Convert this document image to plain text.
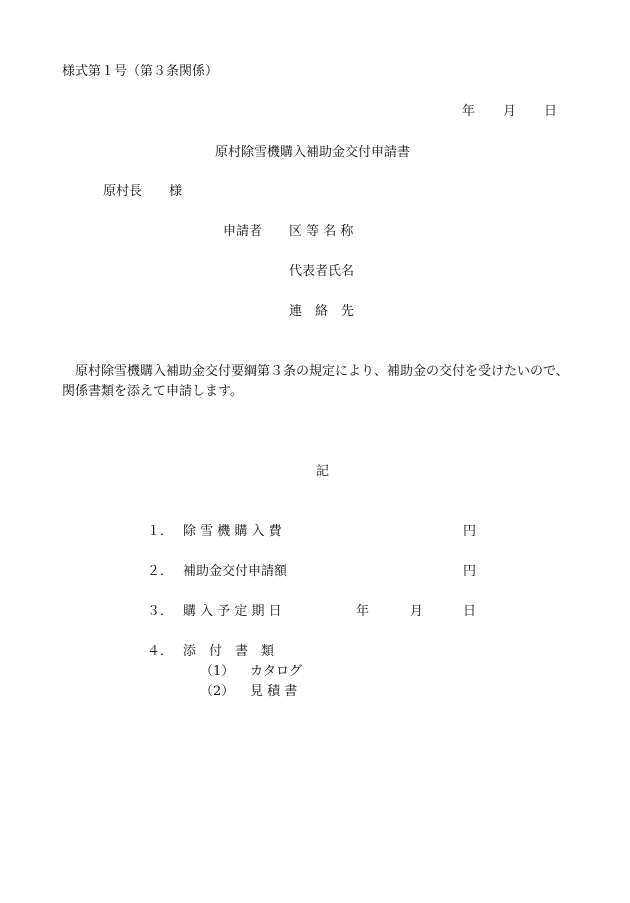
様式第１号（第３条関係）
年 月 日
原村除雪機購入補助金交付申請書
原村長 様
申請者 区 等 名 称
代表者氏名
連　絡　先
　原村除雪機購入補助金交付要綱第３条の規定により、補助金の交付を受けたいので、
関係書類を添えて申請します。
記
１． 除 雪 機 購 入 費	円
２． 補助金交付申請額	円
３． 購 入 予 定 期 日	年	月	日
４． 添　付　書　類
（1） カタログ
（2） 見 積 書
